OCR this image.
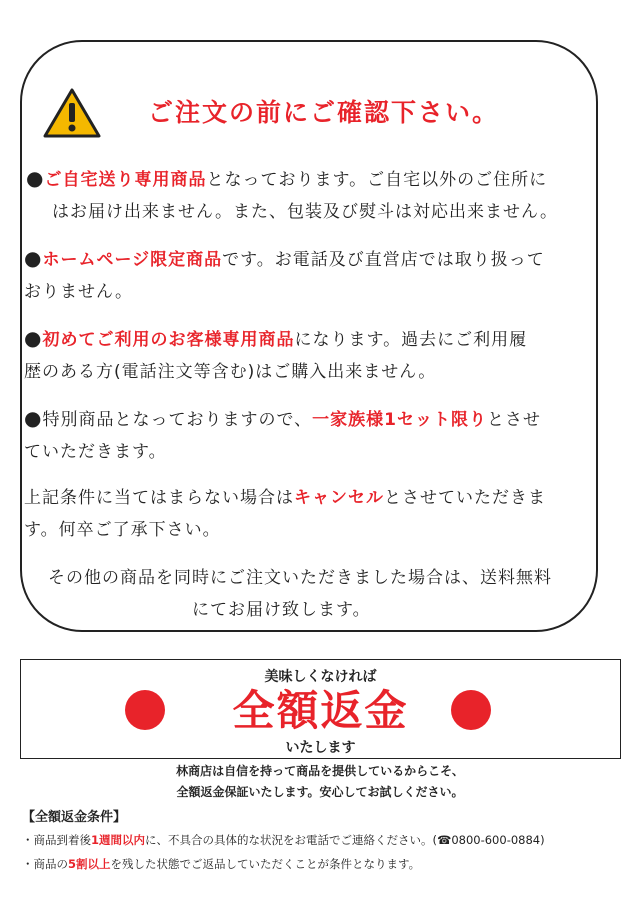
ご注文の前にご確認下さい。
●ご自宅送り専用商品となっております。ご自宅以外のご住所に
はお届け出来ません。また、包装及び熨斗は対応出来ません。
●ホームページ限定商品です。お電話及び直営店では取り扱って
おりません。
●初めてご利用のお客様専用商品になります。過去にご利用履
歴のある方(電話注文等含む)はご購入出来ません。
●特別商品となっておりますので、一家族様1セット限りとさせ
ていただきます。
上記条件に当てはまらない場合はキャンセルとさせていただきま
す。何卒ご了承下さい。
その他の商品を同時にご注文いただきました場合は、送料無料
にてお届け致します。
美味しくなければ
全額返金
いたします
林商店は自信を持って商品を提供しているからこそ、
全額返金保証いたします。安心してお試しください。
【全額返金条件】
・商品到着後1週間以内に、不具合の具体的な状況をお電話でご連絡ください。(☎0800-600-0884)
・商品の5割以上を残した状態でご返品していただくことが条件となります。
